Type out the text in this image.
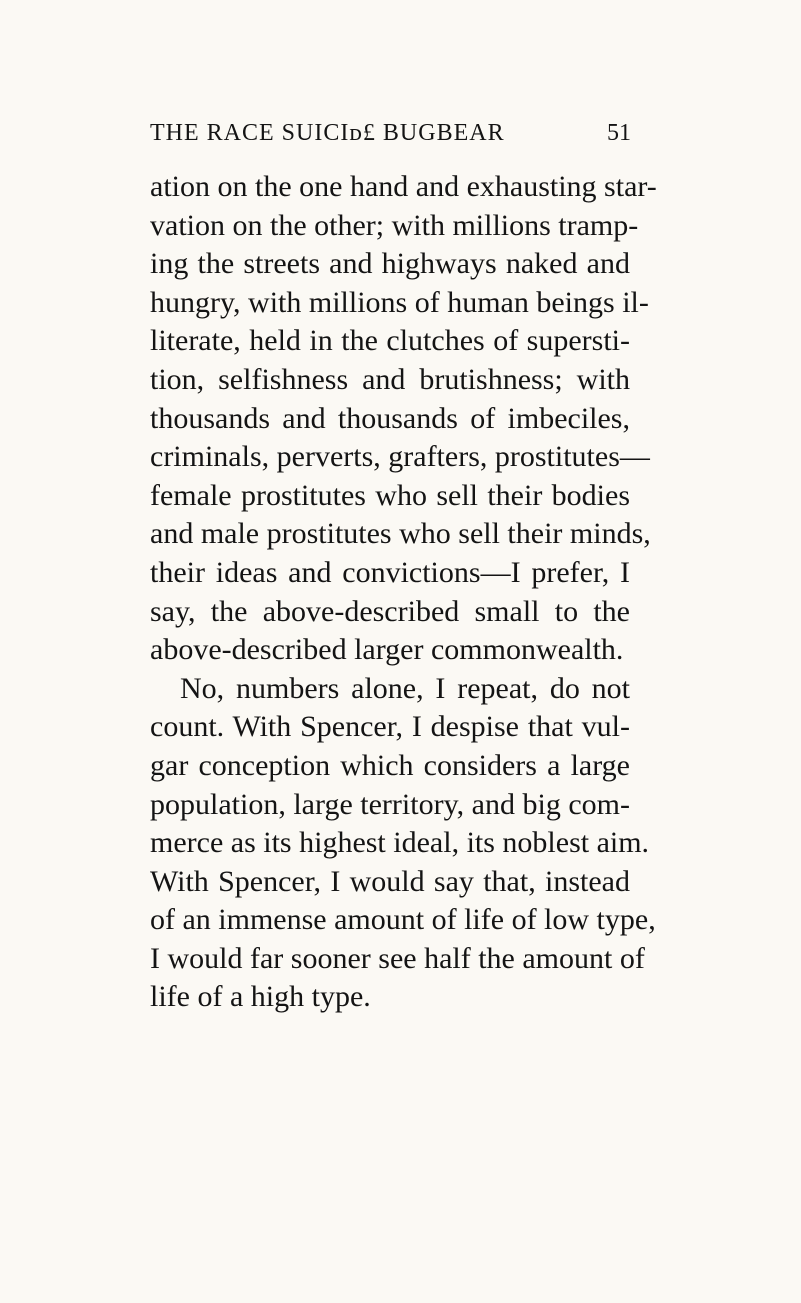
THE RACE SUICIᴅ£ BUGBEAR	51
ation on the one hand and exhausting star-
vation on the other; with millions tramp-
ing the streets and highways naked and
hungry, with millions of human beings il-
literate, held in the clutches of supersti-
tion, selfishness and brutishness; with
thousands and thousands of imbeciles,
criminals, perverts, grafters, prostitutes—
female prostitutes who sell their bodies
and male prostitutes who sell their minds,
their ideas and convictions—I prefer, I
say, the above-described small to the
above-described larger commonwealth.
No, numbers alone, I repeat, do not
count. With Spencer, I despise that vul-
gar conception which considers a large
population, large territory, and big com-
merce as its highest ideal, its noblest aim.
With Spencer, I would say that, instead
of an immense amount of life of low type,
I would far sooner see half the amount of
life of a high type.
